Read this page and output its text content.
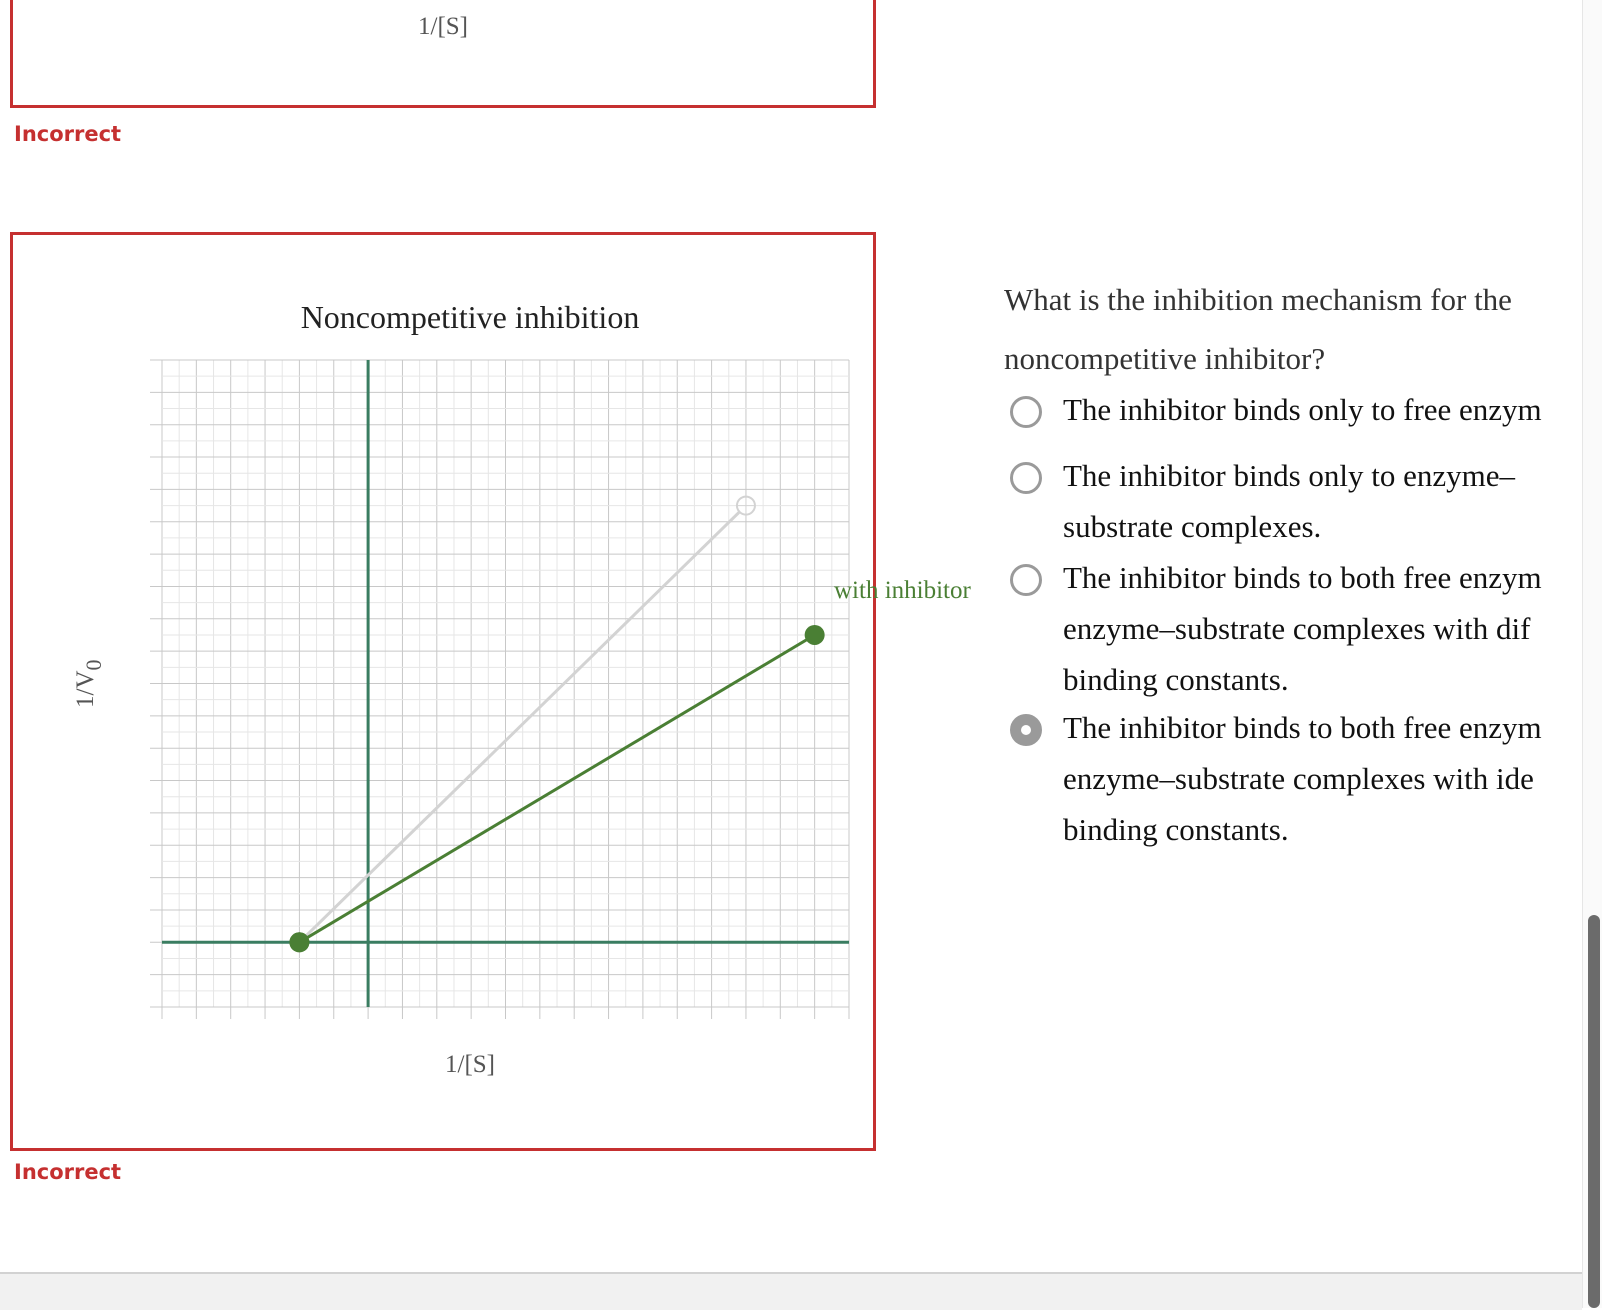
1/[S]
Incorrect
Incorrect
Noncompetitive inhibition
1/[S]
1/V0
with inhibitor
What is the inhibition mechanism for the
noncompetitive inhibitor?
The inhibitor binds only to free enzym
The inhibitor binds only to enzyme–
substrate complexes.
The inhibitor binds to both free enzym
enzyme–substrate complexes with dif
binding constants.
The inhibitor binds to both free enzym
enzyme–substrate complexes with ide
binding constants.
